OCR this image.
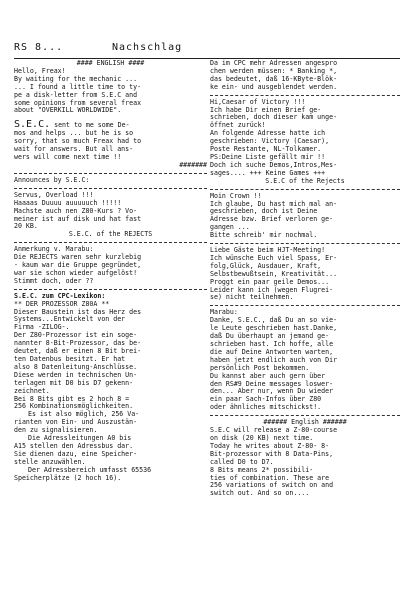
RS 8...	Nachschlag
#### ENGLISH ####
Hello, Freax!
By waiting for the mechanic ...
... I found a little time to ty-
pe a disk-letter from S.E.C and
some opinions from several freax
about "OVERKILL WORLDWIDE".
S.E.C. sent to me some De-
mos and helps ... but he is so
sorry, that so much Freax had to
wait for answers. But all ans-
wers will come next time !!
#######
Announces by S.E.C:
Servus, Overload !!!
Haaaas Duuuu auuuuuch !!!!!
Machste auch nen Z80-Kurs ? Vo-
meiner ist auf disk und hat fast
20 KB.
S.E.C. of the REJECTS
Anmerkung v. Marabu:
Die REJECTS waren sehr kurzlebig
- kaum war die Gruppe gegründet,
war sie schon wieder aufgelöst!
Stimmt doch, oder ??
S.E.C. zum CPC-Lexikon:
** DER PROZESSOR Z80A **
Dieser Baustein ist das Herz des
Systems...Entwickelt von der
Firma -ZILOG-.
Der Z80-Prozessor ist ein soge-
nannter 8-Bit-Prozessor, das be-
deutet, daß er einen 8 Bit brei-
ten Datenbus besitzt. Er hat
also 8 Datenleitung-Anschlüsse.
Diese werden in technischen Un-
terlagen mit D0 bis D7 gekenn-
zeichnet.
Bei 8 Bits gibt es 2 hoch 8 =
256 Kombinationsmöglichkeiten.
Es ist also möglich, 256 Va-
rianten von Ein- und Auszustän-
den zu signalisieren.
Die Adressleitungen A0 bis
A15 stellen den Adressbus dar.
Sie dienen dazu, eine Speicher-
stelle anzuwählen.
Der Adressbereich umfasst 65536
Speicherplätze (2 hoch 16).
Da im CPC mehr Adressen angespro
chen werden müssen: * Banking *,
das bedeutet, daß 16-KByte-Blök-
ke ein- und ausgeblendet werden.
Hi,Caesar of Victory !!!
Ich habe Dir einen Brief ge-
schrieben, doch dieser kam unge-
öffnet zurück!
An folgende Adresse hatte ich
geschrieben: Victory (Caesar),
Poste Restante, NL-Tolkamer.
PS:Deine Liste gefällt mir !!
Doch ich suche Demos,Intros,Mes-
sages.... +++ Keine Games +++
S.E.C of the Rejects
Moin Crown !!
Ich glaube, Du hast mich mal an-
geschrieben, doch ist Deine
Adresse bzw. Brief verloren ge-
gangen ...
Bitte schreib' mir nochmal.
Liebe Gäste beim HJT-Meeting!
Ich wünsche Euch viel Spass, Er-
folg,Glück, Ausdauer, Kraft,
Selbstbewußtsein, Kreativität...
Proggt ein paar geile Demos...
Leider kann ich (wegen Flugrei-
se) nicht teilnehmen.
Marabu:
Danke, S.E.C., daß Du an so vie-
le Leute geschrieben hast.Danke,
daß Du überhaupt an jemand ge-
schrieben hast. Ich hoffe, alle
die auf Deine Antworten warten,
haben jetzt endlich auch von Dir
persönlich Post bekommen.
Du kannst aber auch gern über
den RS#9 Deine messages loswer-
den... Aber nur, wenn Du wieder
ein paar Sach-Infos über Z80
oder ähnliches mitschickst!.
###### English ######
S.E.C will release a Z-80-course
on disk (20 KB) next time.
Today he writes about Z-80- 8-
Bit-prozessor with 8 Data-Pins,
called D0 to D7.
8 Bits means 2* possibili-
ties of combination. These are
256 variations of switch on and
switch out. And so on....
